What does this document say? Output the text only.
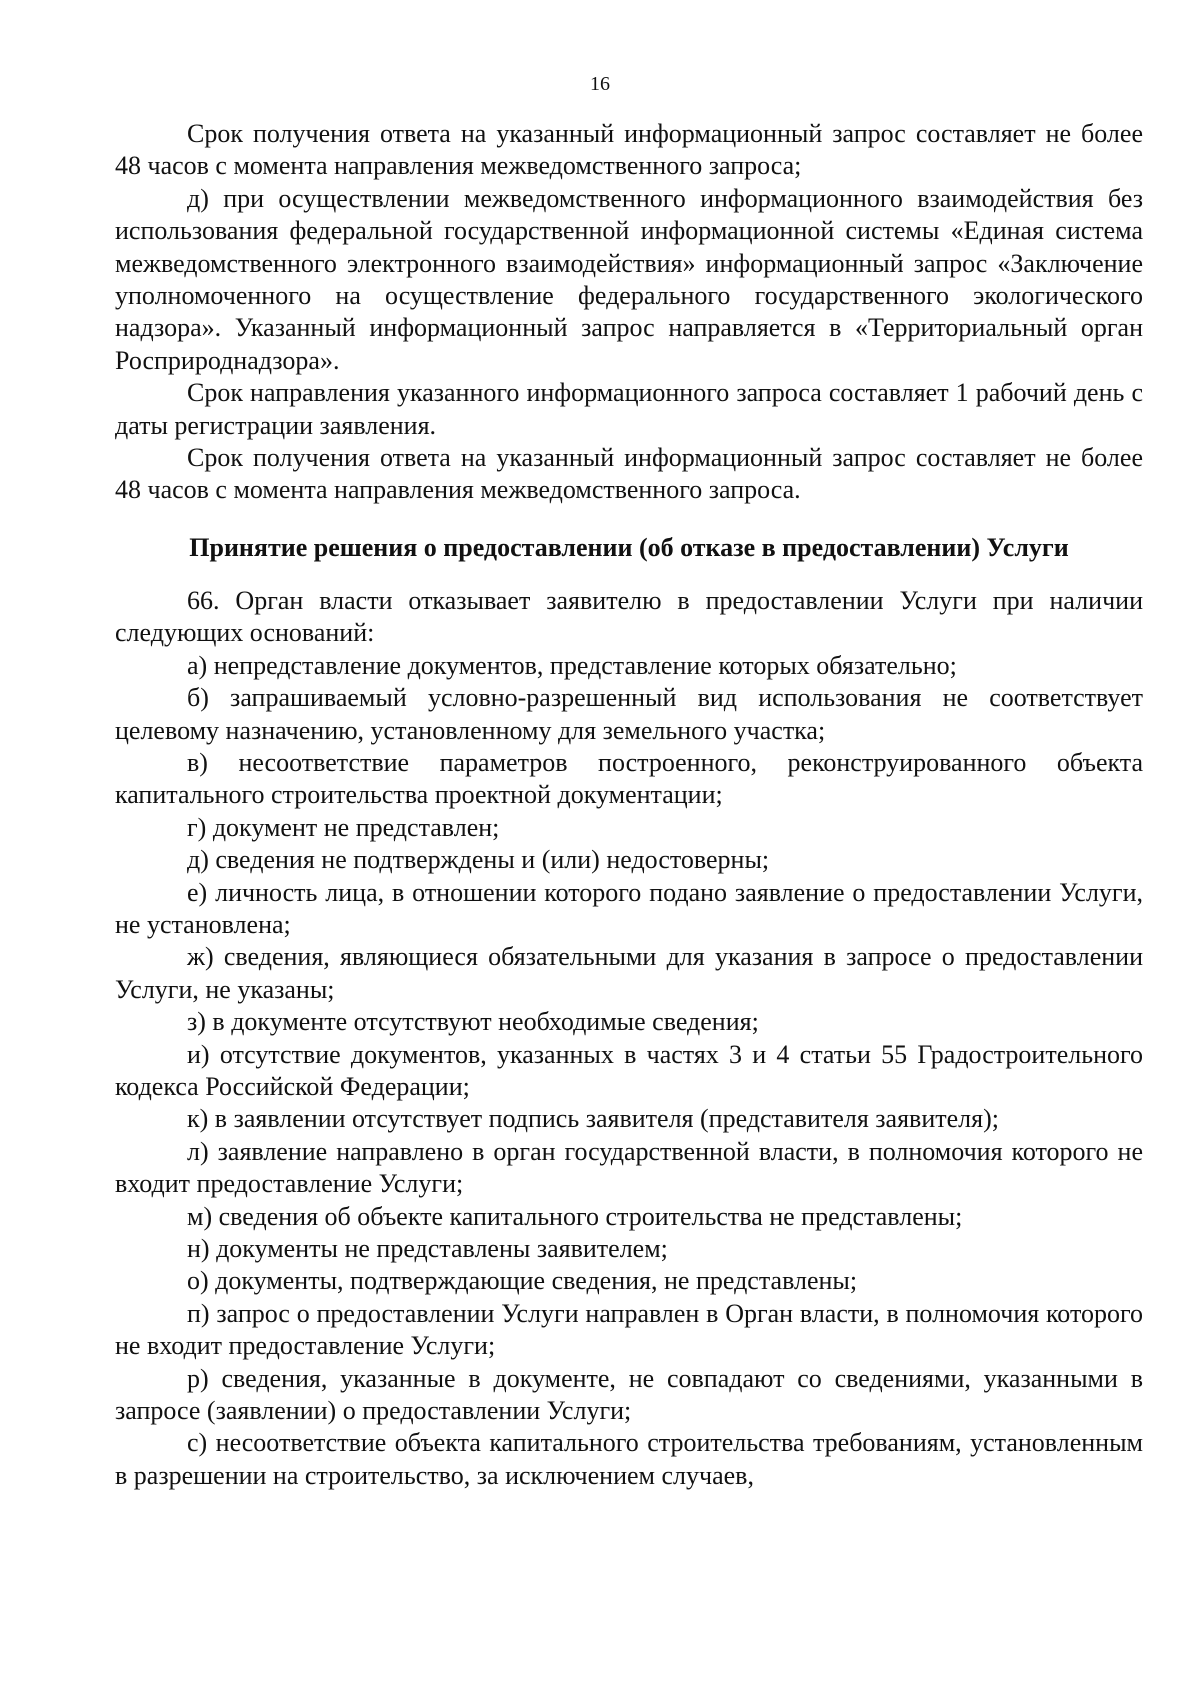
16

Срок получения ответа на указанный информационный запрос составляет не более 48 часов с момента направления межведомственного запроса;

д) при осуществлении межведомственного информационного взаимодействия без использования федеральной государственной информационной системы «Единая система межведомственного электронного взаимодействия» информационный запрос «Заключение уполномоченного на осуществление федерального государственного экологического надзора». Указанный информационный запрос направляется в «Территориальный орган Росприроднадзора».

Срок направления указанного информационного запроса составляет 1 рабочий день с даты регистрации заявления.

Срок получения ответа на указанный информационный запрос составляет не более 48 часов с момента направления межведомственного запроса.

Принятие решения о предоставлении (об отказе в предоставлении) Услуги

66. Орган власти отказывает заявителю в предоставлении Услуги при наличии следующих оснований:

а) непредставление документов, представление которых обязательно;

б) запрашиваемый условно-разрешенный вид использования не соответствует целевому назначению, установленному для земельного участка;

в) несоответствие параметров построенного, реконструированного объекта капитального строительства проектной документации;

г) документ не представлен;

д) сведения не подтверждены и (или) недостоверны;

е) личность лица, в отношении которого подано заявление о предоставлении Услуги, не установлена;

ж) сведения, являющиеся обязательными для указания в запросе о предоставлении Услуги, не указаны;

з) в документе отсутствуют необходимые сведения;

и) отсутствие документов, указанных в частях 3 и 4 статьи 55 Градостроительного кодекса Российской Федерации;

к) в заявлении отсутствует подпись заявителя (представителя заявителя);

л) заявление направлено в орган государственной власти, в полномочия которого не входит предоставление Услуги;

м) сведения об объекте капитального строительства не представлены;

н) документы не представлены заявителем;

о) документы, подтверждающие сведения, не представлены;

п) запрос о предоставлении Услуги направлен в Орган власти, в полномочия которого не входит предоставление Услуги;

р) сведения, указанные в документе, не совпадают со сведениями, указанными в запросе (заявлении) о предоставлении Услуги;

с) несоответствие объекта капитального строительства требованиям, установленным в разрешении на строительство, за исключением случаев,
